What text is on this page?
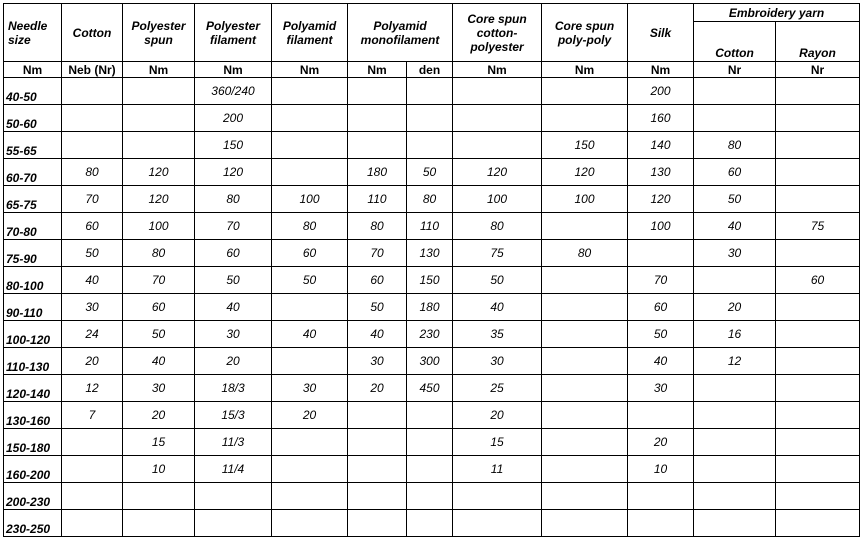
Needle size	Cotton	Polyester spun	Polyester filament	Polyamid filament	Polyamid monofilament		Core spun cotton-polyester	Core spun poly-poly	Silk	Embroidery yarn	
										Cotton	Rayon
Nm	Neb (Nr)	Nm	Nm	Nm	Nm	den	Nm	Nm	Nm	Nr	Nr
40-50			360/240						200		
50-60			200						160		
55-65			150					150	140	80	
60-70	80	120	120		180	50	120	120	130	60	
65-75	70	120	80	100	110	80	100	100	120	50	
70-80	60	100	70	80	80	110	80		100	40	75
75-90	50	80	60	60	70	130	75	80		30	
80-100	40	70	50	50	60	150	50		70		60
90-110	30	60	40		50	180	40		60	20	
100-120	24	50	30	40	40	230	35		50	16	
110-130	20	40	20		30	300	30		40	12	
120-140	12	30	18/3	30	20	450	25		30		
130-160	7	20	15/3	20			20				
150-180		15	11/3				15		20		
160-200		10	11/4				11		10		
200-230											
230-250											
